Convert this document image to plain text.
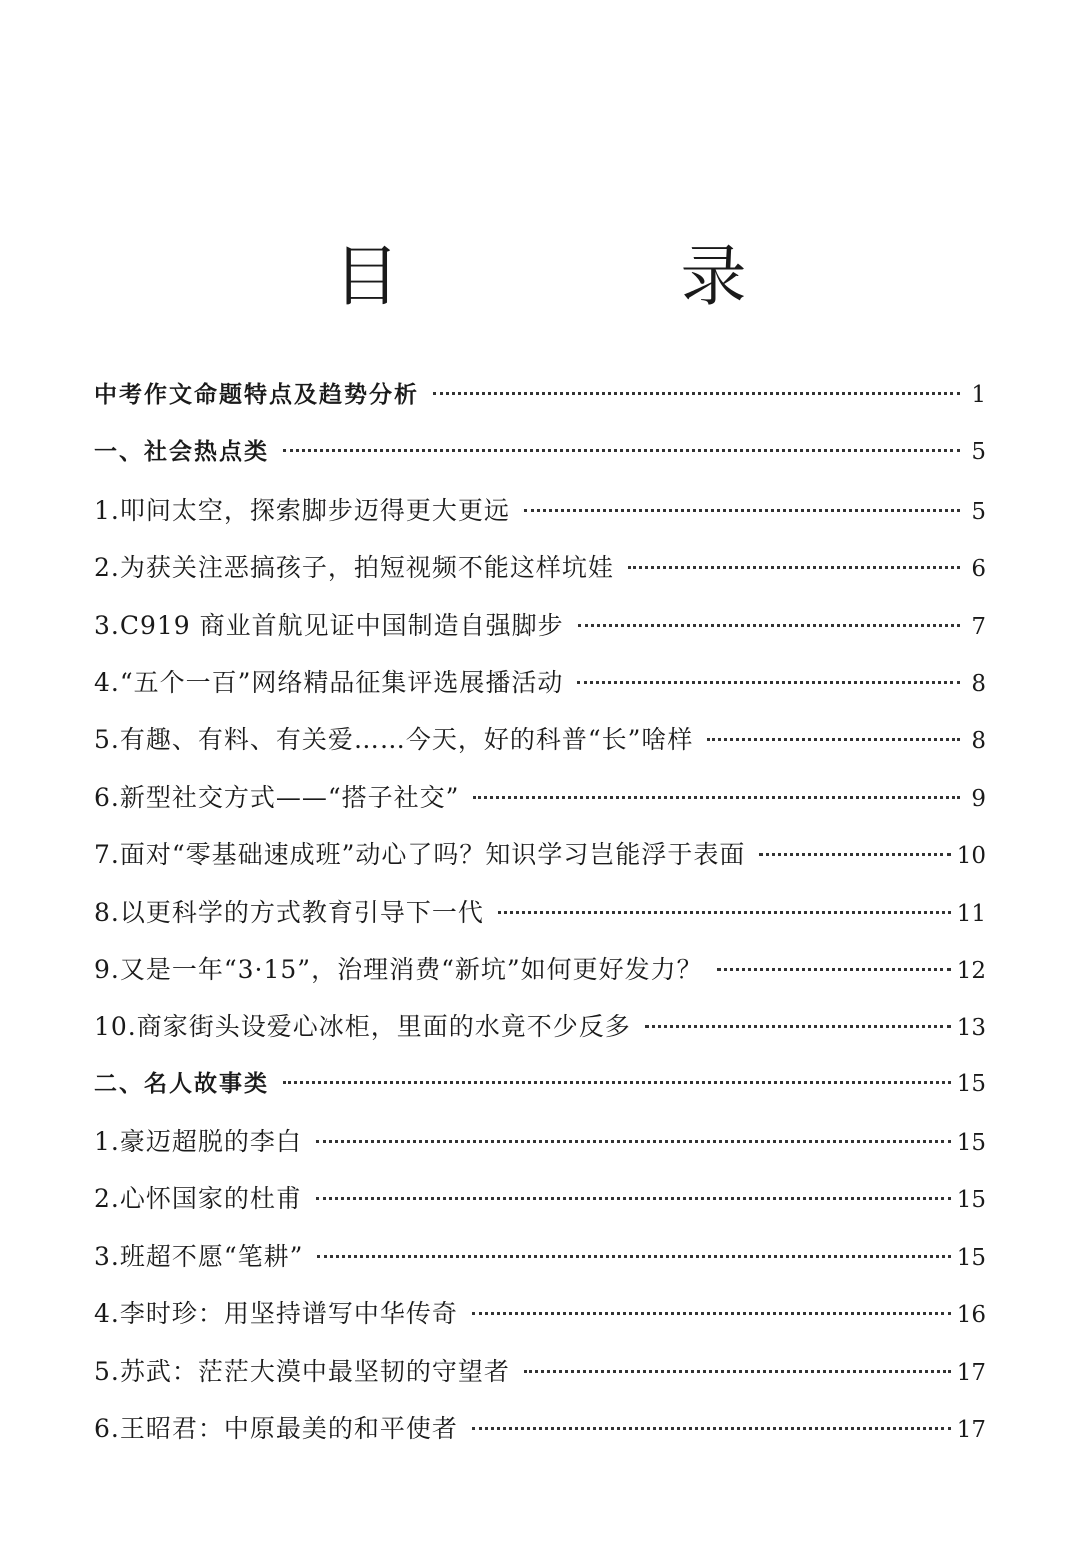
目 录
中考作文命题特点及趋势分析	1
一、社会热点类	5
1.叩问太空，探索脚步迈得更大更远	5
2.为获关注恶搞孩子，拍短视频不能这样坑娃	6
3.C919 商业首航见证中国制造自强脚步	7
4.“五个一百”网络精品征集评选展播活动	8
5.有趣、有料、有关爱……今天，好的科普“长”啥样	8
6.新型社交方式——“搭子社交”	9
7.面对“零基础速成班”动心了吗？知识学习岂能浮于表面	10
8.以更科学的方式教育引导下一代	11
9.又是一年“3·15”，治理消费“新坑”如何更好发力？	12
10.商家街头设爱心冰柜，里面的水竟不少反多	13
二、名人故事类	15
1.豪迈超脱的李白	15
2.心怀国家的杜甫	15
3.班超不愿“笔耕”	15
4.李时珍：用坚持谱写中华传奇	16
5.苏武：茫茫大漠中最坚韧的守望者	17
6.王昭君：中原最美的和平使者	17
